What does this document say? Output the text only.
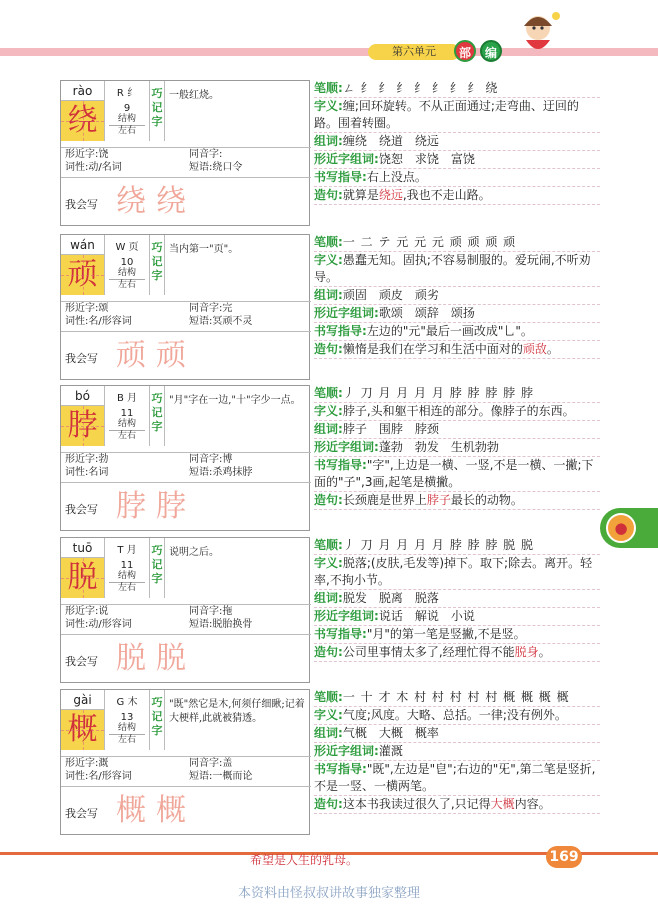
第六单元	部	编
●
rào
绕
R 纟
9
结构
左右
巧记字
一般红烧。
形近字:饶	同音字:
词性:动/名词	短语:绕口令
我会写 绕 绕
笔顺:ㄥ 纟 纟 纟 纟 纟 纟 纟 绕
字义:缠;回环旋转。不从正面通过;走弯曲、迂回的路。围着转圈。
组词:缠绕　绕道　绕远
形近字组词:饶恕　求饶　富饶
书写指导:右上没点。
造句:就算是绕远,我也不走山路。
wán
顽
W 页
10
结构
左右
巧记字
当内第一"页"。
形近字:颂	同音字:完
词性:名/形容词	短语:冥顽不灵
我会写 顽 顽
笔顺:一 二 テ 元 元 元 顽 顽 顽 顽
字义:愚蠢无知。固执;不容易制服的。爱玩闹,不听劝导。
组词:顽固　顽皮　顽劣
形近字组词:歌颂　颂辞　颂扬
书写指导:左边的"元"最后一画改成"乚"。
造句:懒惰是我们在学习和生活中面对的顽敌。
bó
脖
B 月
11
结构
左右
巧记字
"月"字在一边,"十"字少一点。
形近字:勃	同音字:博
词性:名词	短语:杀鸡抹脖
我会写 脖 脖
笔顺:丿 刀 月 月 月 月 脖 脖 脖 脖 脖
字义:脖子,头和躯干相连的部分。像脖子的东西。
组词:脖子　围脖　脖颈
形近字组词:蓬勃　勃发　生机勃勃
书写指导:"字",上边是一横、一竖,不是一横、一撇;下面的"子",3画,起笔是横撇。
造句:长颈鹿是世界上脖子最长的动物。
tuō
脱
T 月
11
结构
左右
巧记字
说明之后。
形近字:说	同音字:拖
词性:动/形容词	短语:脱胎换骨
我会写 脱 脱
笔顺:丿 刀 月 月 月 月 脖 脖 脖 脱 脱
字义:脱落;(皮肤,毛发等)掉下。取下;除去。离开。轻率,不拘小节。
组词:脱发　脱离　脱落
形近字组词:说话　解说　小说
书写指导:"月"的第一笔是竖撇,不是竖。
造句:公司里事情太多了,经理忙得不能脱身。
gài
概
G 木
13
结构
左右
巧记字
"既"然它是木,何须仔细瞅;记着大梗样,此就被猜透。
形近字:溉	同音字:盖
词性:名/形容词	短语:一概而论
我会写 概 概
笔顺:一 十 才 木 村 村 村 村 村 概 概 概 概
字义:气度;风度。大略、总括。一律;没有例外。
组词:气概　大概　概率
形近字组词:灌溉
书写指导:"既",左边是"皀";右边的"旡",第二笔是竖折,不是一竖、一横两笔。
造句:这本书我读过很久了,只记得大概内容。
希望是人生的乳母。	169
本资料由怪叔叔讲故事独家整理
